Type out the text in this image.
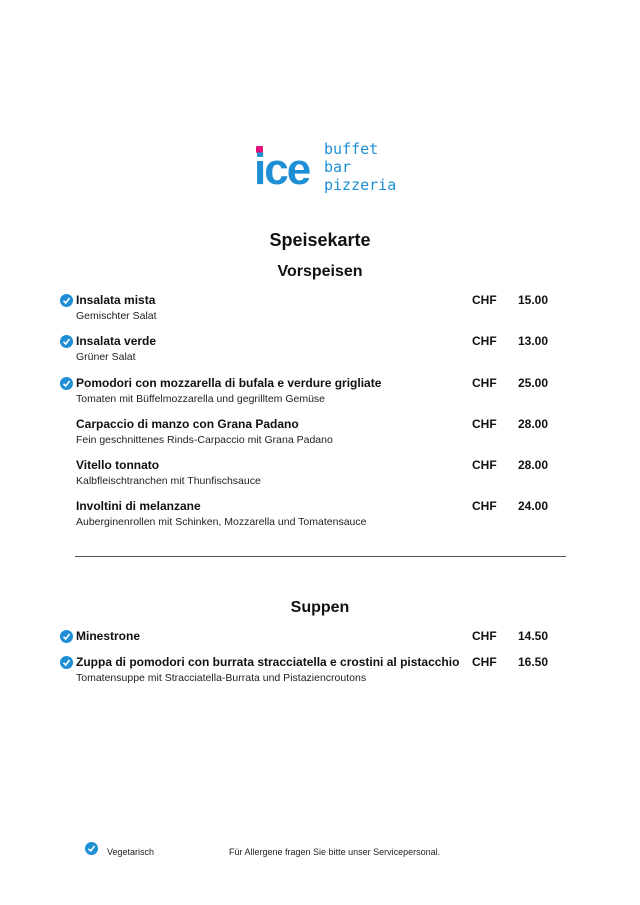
ice buffet
bar
pizzeria
Speisekarte
Vorspeisen
Insalata mista
Gemischter Salat
CHF 15.00
Insalata verde
Grüner Salat
CHF 13.00
Pomodori con mozzarella di bufala e verdure grigliate
Tomaten mit Büffelmozzarella und gegrilltem Gemüse
CHF 25.00
Carpaccio di manzo con Grana Padano
Fein geschnittenes Rinds-Carpaccio mit Grana Padano
CHF 28.00
Vitello tonnato
Kalbfleischtranchen mit Thunfischsauce
CHF 28.00
Involtini di melanzane
Auberginenrollen mit Schinken, Mozzarella und Tomatensauce
CHF 24.00
Suppen
Minestrone	CHF 14.50
Zuppa di pomodori con burrata stracciatella e crostini al pistacchio
Tomatensuppe mit Stracciatella-Burrata und Pistaziencroutons
CHF 16.50
Vegetarisch	Für Allergene fragen Sie bitte unser Servicepersonal.
